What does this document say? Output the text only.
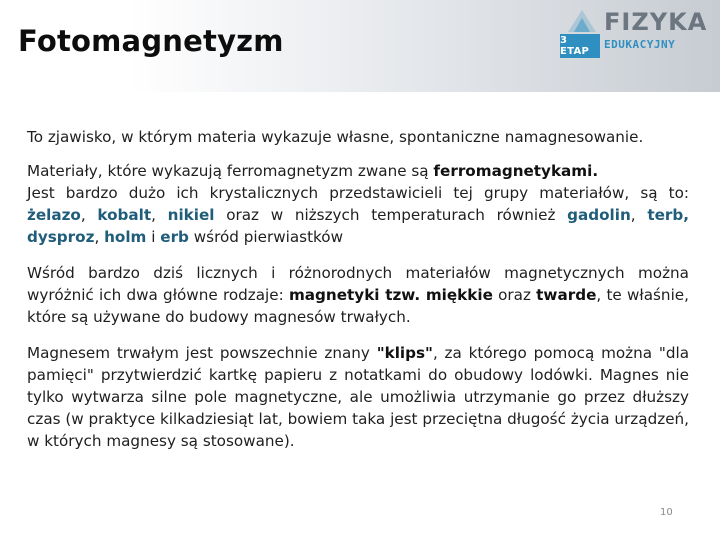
Fotomagnetyzm	3 ETAP
FIZYKA
EDUKACYJNY

To zjawisko, w którym materia wykazuje własne, spontaniczne namagnesowanie.

Materiały, które wykazują ferromagnetyzm zwane są ferromagnetykami.
Jest bardzo dużo ich krystalicznych przedstawicieli tej grupy materiałów, są to: żelazo, kobalt, nikiel oraz w niższych temperaturach również gadolin, terb, dysproz, holm i erb wśród pierwiastków

Wśród bardzo dziś licznych i różnorodnych materiałów magnetycznych można wyróżnić ich dwa główne rodzaje: magnetyki tzw. miękkie oraz twarde, te właśnie, które są używane do budowy magnesów trwałych.

Magnesem trwałym jest powszechnie znany "klips", za którego pomocą można "dla pamięci" przytwierdzić kartkę papieru z notatkami do obudowy lodówki. Magnes nie tylko wytwarza silne pole magnetyczne, ale umożliwia utrzymanie go przez dłuższy czas (w praktyce kilkadziesiąt lat, bowiem taka jest przeciętna długość życia urządzeń, w których magnesy są stosowane).

10
